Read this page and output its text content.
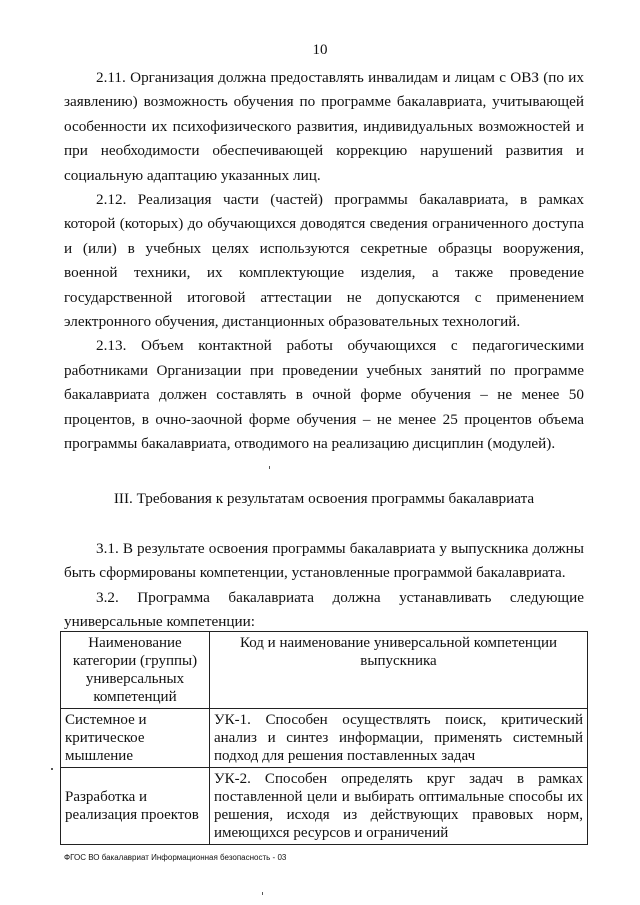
10

2.11. Организация должна предоставлять инвалидам и лицам с ОВЗ (по их заявлению) возможность обучения по программе бакалавриата, учитывающей особенности их психофизического развития, индивидуальных возможностей и при необходимости обеспечивающей коррекцию нарушений развития и социальную адаптацию указанных лиц.

2.12. Реализация части (частей) программы бакалавриата, в рамках которой (которых) до обучающихся доводятся сведения ограниченного доступа и (или) в учебных целях используются секретные образцы вооружения, военной техники, их комплектующие изделия, а также проведение государственной итоговой аттестации не допускаются с применением электронного обучения, дистанционных образовательных технологий.

2.13. Объем контактной работы обучающихся с педагогическими работниками Организации при проведении учебных занятий по программе бакалавриата должен составлять в очной форме обучения – не менее 50 процентов, в очно-заочной форме обучения – не менее 25 процентов объема программы бакалавриата, отводимого на реализацию дисциплин (модулей).

III. Требования к результатам освоения программы бакалавриата

3.1. В результате освоения программы бакалавриата у выпускника должны быть сформированы компетенции, установленные программой бакалавриата.

3.2. Программа бакалавриата должна устанавливать следующие универсальные компетенции:

Наименование категории (группы) универсальных компетенций	Код и наименование универсальной компетенции выпускника
Системное и критическое мышление	УК-1. Способен осуществлять поиск, критический анализ и синтез информации, применять системный подход для решения поставленных задач
Разработка и реализация проектов	УК-2. Способен определять круг задач в рамках поставленной цели и выбирать оптимальные способы их решения, исходя из действующих правовых норм, имеющихся ресурсов и ограничений
ФГОС ВО бакалавриат Информационная безопасность - 03
